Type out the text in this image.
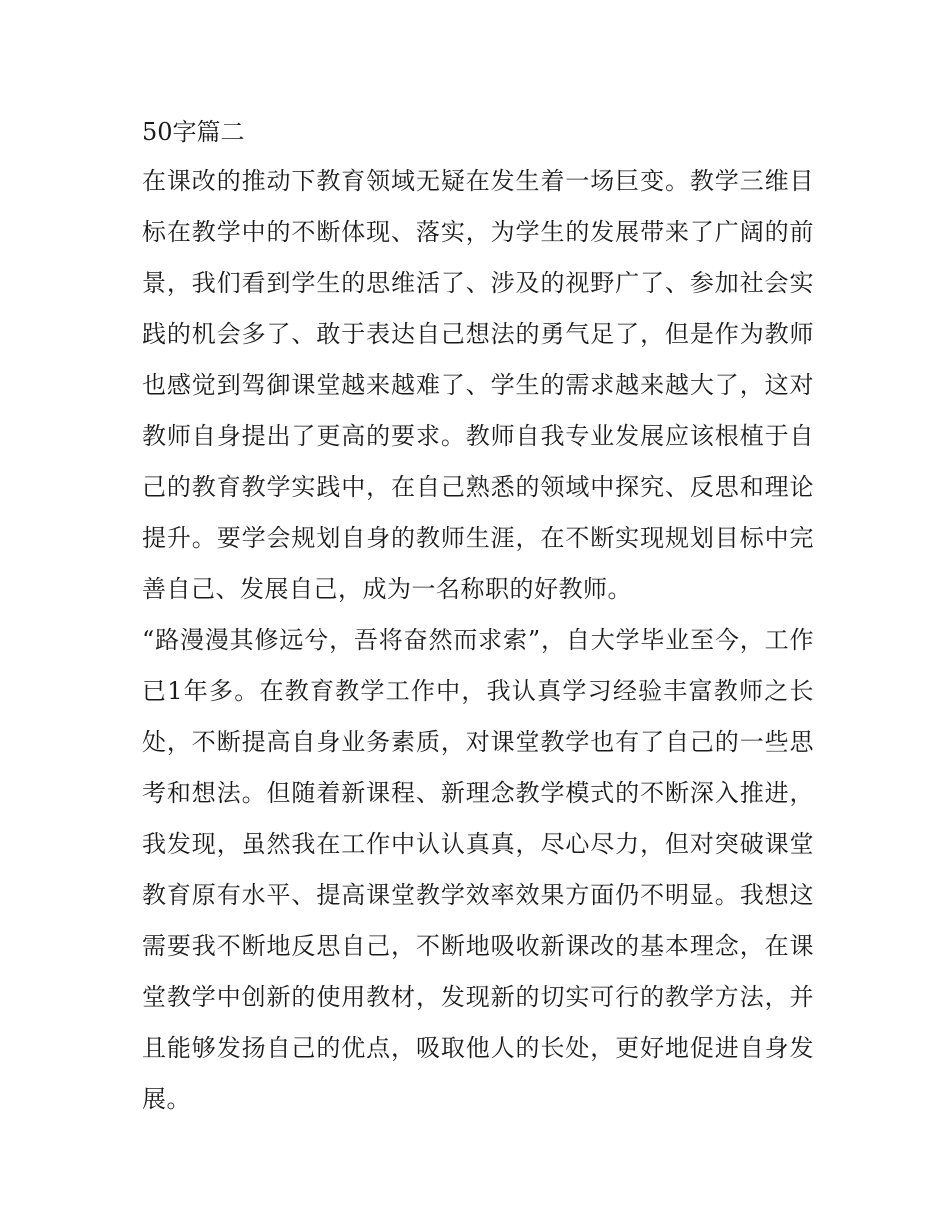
50字篇二

在课改的推动下教育领域无疑在发生着一场巨变。教学三维目标在教学中的不断体现、落实，为学生的发展带来了广阔的前景，我们看到学生的思维活了、涉及的视野广了、参加社会实践的机会多了、敢于表达自己想法的勇气足了，但是作为教师也感觉到驾御课堂越来越难了、学生的需求越来越大了，这对教师自身提出了更高的要求。教师自我专业发展应该根植于自己的教育教学实践中，在自己熟悉的领域中探究、反思和理论提升。要学会规划自身的教师生涯，在不断实现规划目标中完善自己、发展自己，成为一名称职的好教师。

“路漫漫其修远兮，吾将奋然而求索”，自大学毕业至今，工作已1年多。在教育教学工作中，我认真学习经验丰富教师之长处，不断提高自身业务素质，对课堂教学也有了自己的一些思考和想法。但随着新课程、新理念教学模式的不断深入推进，我发现，虽然我在工作中认认真真，尽心尽力，但对突破课堂教育原有水平、提高课堂教学效率效果方面仍不明显。我想这需要我不断地反思自己，不断地吸收新课改的基本理念，在课堂教学中创新的使用教材，发现新的切实可行的教学方法，并且能够发扬自己的优点，吸取他人的长处，更好地促进自身发展。
